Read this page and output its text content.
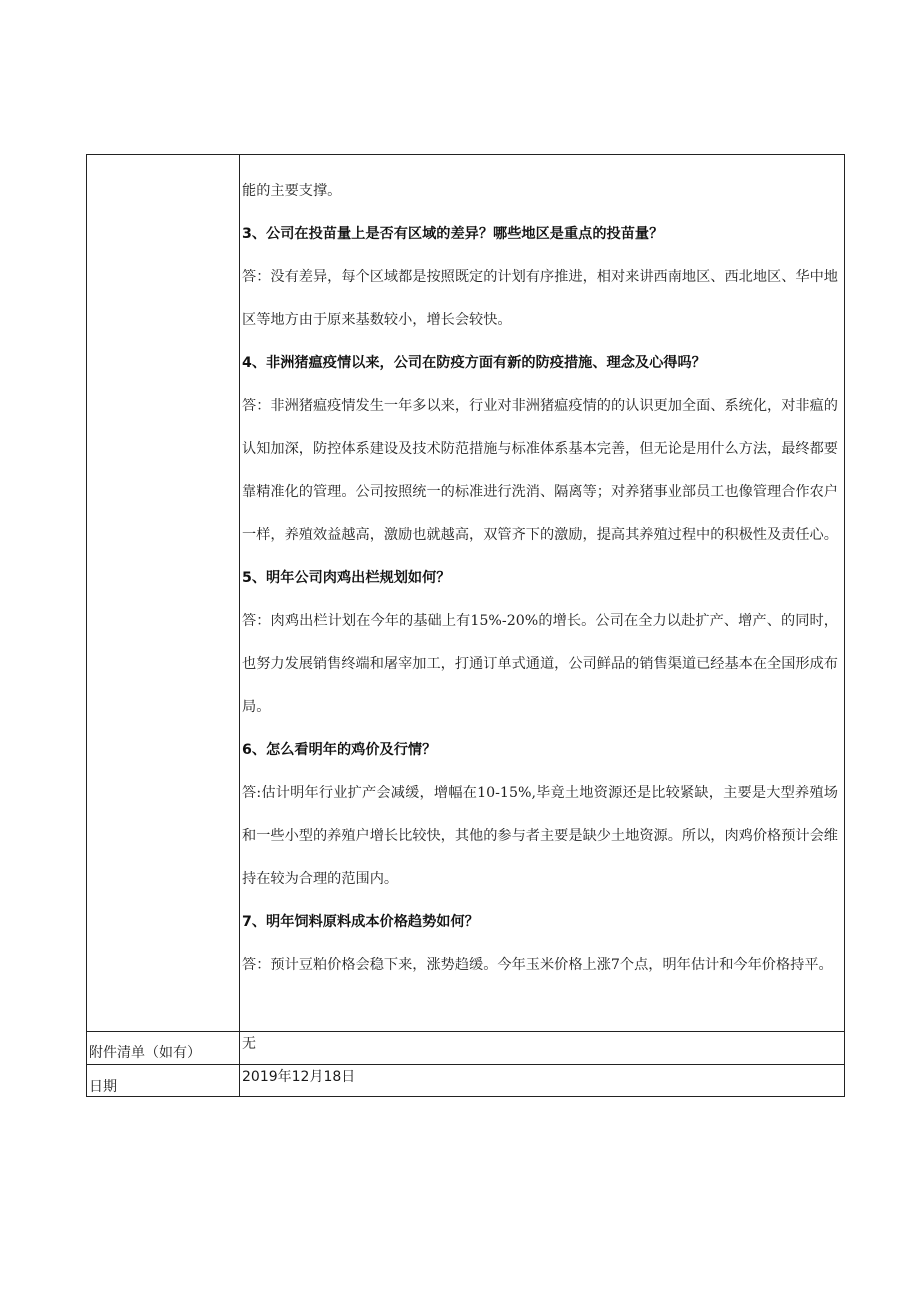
能的主要支撑。

3、公司在投苗量上是否有区域的差异？哪些地区是重点的投苗量？

答：没有差异，每个区域都是按照既定的计划有序推进，相对来讲西南地区、西北地区、华中地区等地方由于原来基数较小，增长会较快。

4、非洲猪瘟疫情以来，公司在防疫方面有新的防疫措施、理念及心得吗？

答：非洲猪瘟疫情发生一年多以来，行业对非洲猪瘟疫情的的认识更加全面、系统化，对非瘟的认知加深，防控体系建设及技术防范措施与标准体系基本完善，但无论是用什么方法，最终都要靠精准化的管理。公司按照统一的标准进行洗消、隔离等；对养猪事业部员工也像管理合作农户一样，养殖效益越高，激励也就越高，双管齐下的激励，提高其养殖过程中的积极性及责任心。

5、明年公司肉鸡出栏规划如何？

答：肉鸡出栏计划在今年的基础上有15%-20%的增长。公司在全力以赴扩产、增产、的同时，也努力发展销售终端和屠宰加工，打通订单式通道，公司鲜品的销售渠道已经基本在全国形成布局。

6、怎么看明年的鸡价及行情？

答:估计明年行业扩产会减缓，增幅在10-15%,毕竟土地资源还是比较紧缺，主要是大型养殖场和一些小型的养殖户增长比较快，其他的参与者主要是缺少土地资源。所以，肉鸡价格预计会维持在较为合理的范围内。

7、明年饲料原料成本价格趋势如何？

答：预计豆粕价格会稳下来，涨势趋缓。今年玉米价格上涨7个点，明年估计和今年价格持平。

附件清单（如有）
无
日期
2019年12月18日
